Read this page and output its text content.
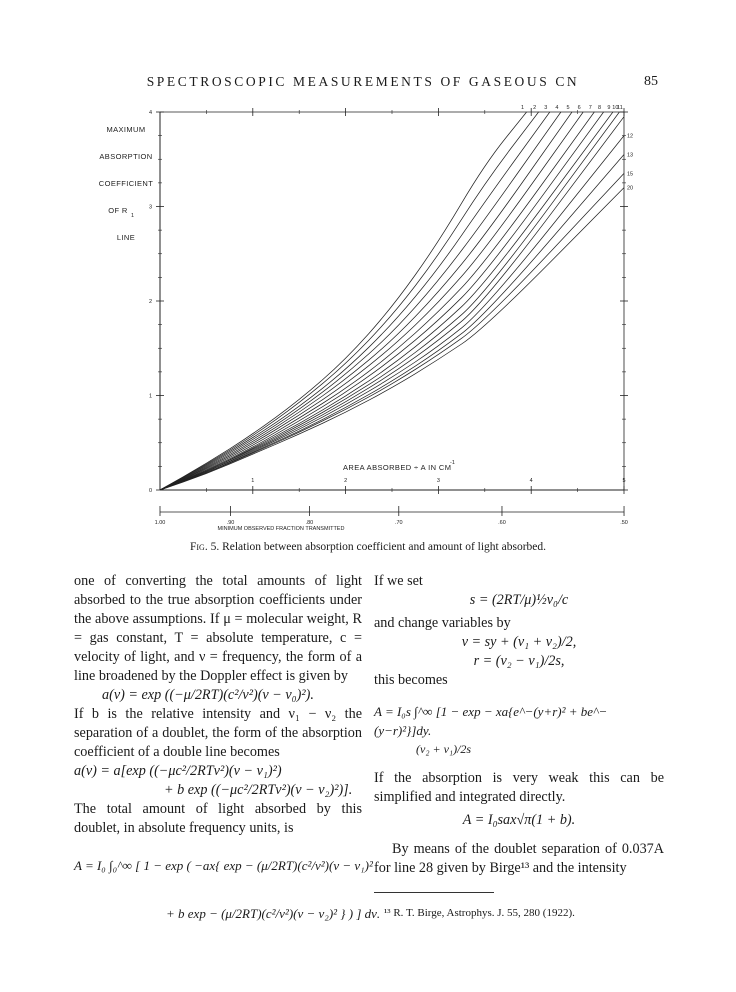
SPECTROSCOPIC MEASUREMENTS OF GASEOUS CN	85
MAXIMUM
ABSORPTION
COEFFICIENT
OF R
1
LINE
AREA ABSORBED ÷ A IN CM
-1
MINIMUM OBSERVED FRACTION TRANSMITTED
0
1
2
3
4
1	2	3	4	5
1.00	.90	.80	.70	.60	.50
1 2 3 4 5 6 7 8 9 10
11
12
13
15
20
Fig. 5. Relation between absorption coefficient and amount of light absorbed.

one of converting the total amounts of light absorbed to the true absorption coefficients under the above assumptions. If μ = molecular weight, R = gas constant, T = absolute temperature, c = velocity of light, and ν = frequency, the form of a line broadened by the Doppler effect is given by

a(ν) = exp ((−μ/2RT)(c²/ν²)(ν − ν₀)²).

If b is the relative intensity and ν₁ − ν₂ the separation of a doublet, the form of the absorption coefficient of a double line becomes

a(ν) = a[exp ((−μc²/2RTν²)(ν − ν₁)²)

+ b exp ((−μc²/2RTν²)(ν − ν₂)²)].

The total amount of light absorbed by this doublet, in absolute frequency units, is

A = I₀ ∫₀^∞ [ 1 − exp ( −ax{ exp − (μ/2RT)(c²/ν²)(ν − ν₁)²
+ b exp − (μ/2RT)(c²/ν²)(ν − ν₂)² } ) ] dν.

If we set

s = (2RT/μ)½ν₀/c

and change variables by

ν = sy + (ν₁ + ν₂)/2,

r = (ν₂ − ν₁)/2s,

this becomes

A = I₀s ∫^∞ [1 − exp − xa{e^−(y+r)² + be^−(y−r)²}]dy.

(ν₂ + ν₁)/2s

If the absorption is very weak this can be simplified and integrated directly.

A = I₀sax√π(1 + b).

By means of the doublet separation of 0.037A for line 28 given by Birge¹³ and the intensity

¹³ R. T. Birge, Astrophys. J. 55, 280 (1922).
